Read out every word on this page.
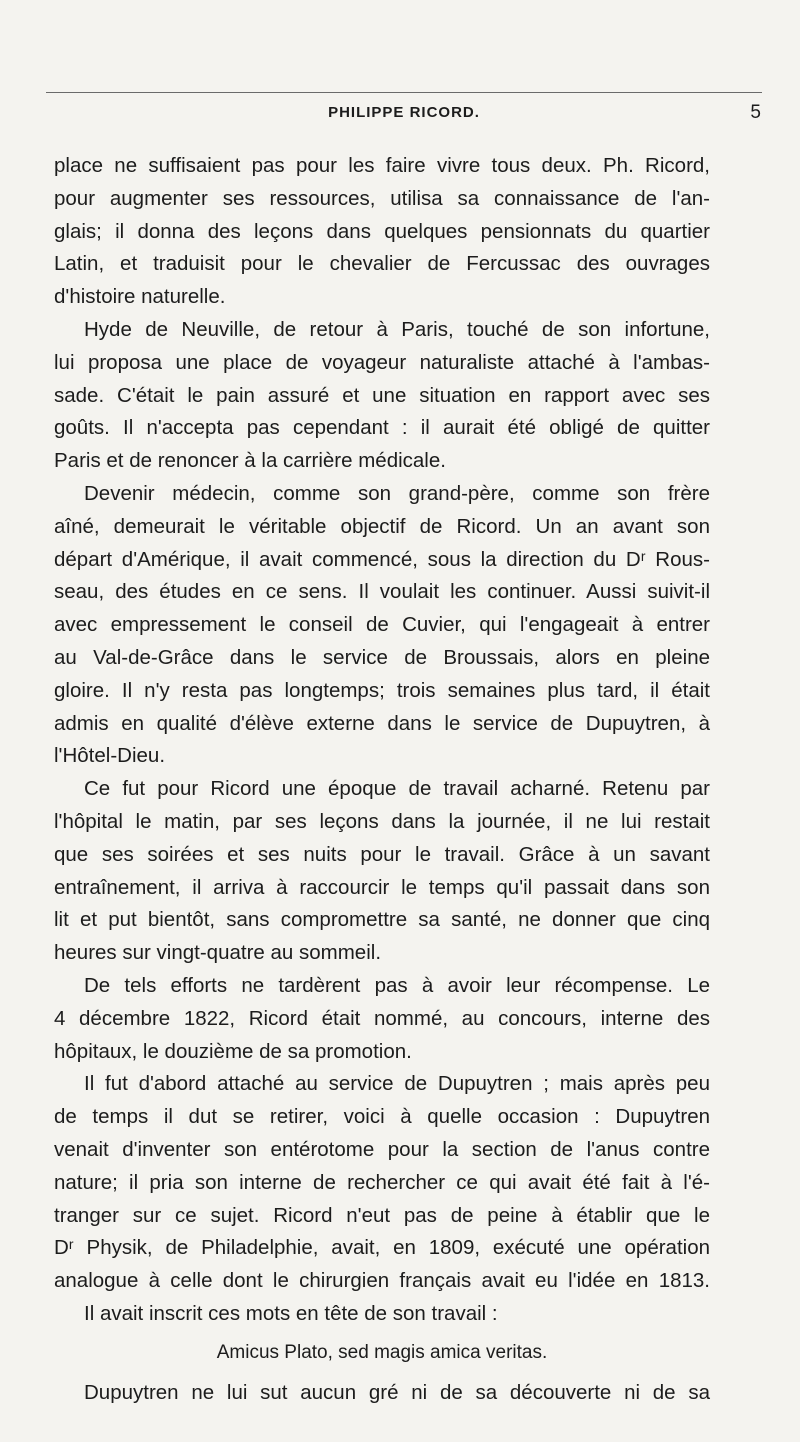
PHILIPPE RICORD.	5
place ne suffisaient pas pour les faire vivre tous deux. Ph. Ricord,
pour augmenter ses ressources, utilisa sa connaissance de l'an-
glais; il donna des leçons dans quelques pensionnats du quartier
Latin, et traduisit pour le chevalier de Fercussac des ouvrages
d'histoire naturelle.
Hyde de Neuville, de retour à Paris, touché de son infortune,
lui proposa une place de voyageur naturaliste attaché à l'ambas-
sade. C'était le pain assuré et une situation en rapport avec ses
goûts. Il n'accepta pas cependant : il aurait été obligé de quitter
Paris et de renoncer à la carrière médicale.
Devenir médecin, comme son grand-père, comme son frère
aîné, demeurait le véritable objectif de Ricord. Un an avant son
départ d'Amérique, il avait commencé, sous la direction du Dʳ Rous-
seau, des études en ce sens. Il voulait les continuer. Aussi suivit-il
avec empressement le conseil de Cuvier, qui l'engageait à entrer
au Val-de-Grâce dans le service de Broussais, alors en pleine
gloire. Il n'y resta pas longtemps; trois semaines plus tard, il était
admis en qualité d'élève externe dans le service de Dupuytren, à
l'Hôtel-Dieu.
Ce fut pour Ricord une époque de travail acharné. Retenu par
l'hôpital le matin, par ses leçons dans la journée, il ne lui restait
que ses soirées et ses nuits pour le travail. Grâce à un savant
entraînement, il arriva à raccourcir le temps qu'il passait dans son
lit et put bientôt, sans compromettre sa santé, ne donner que cinq
heures sur vingt-quatre au sommeil.
De tels efforts ne tardèrent pas à avoir leur récompense. Le
4 décembre 1822, Ricord était nommé, au concours, interne des
hôpitaux, le douzième de sa promotion.
Il fut d'abord attaché au service de Dupuytren ; mais après peu
de temps il dut se retirer, voici à quelle occasion : Dupuytren
venait d'inventer son entérotome pour la section de l'anus contre
nature; il pria son interne de rechercher ce qui avait été fait à l'é-
tranger sur ce sujet. Ricord n'eut pas de peine à établir que le
Dʳ Physik, de Philadelphie, avait, en 1809, exécuté une opération
analogue à celle dont le chirurgien français avait eu l'idée en 1813.
Il avait inscrit ces mots en tête de son travail :
Amicus Plato, sed magis amica veritas.
Dupuytren ne lui sut aucun gré ni de sa découverte ni de sa
